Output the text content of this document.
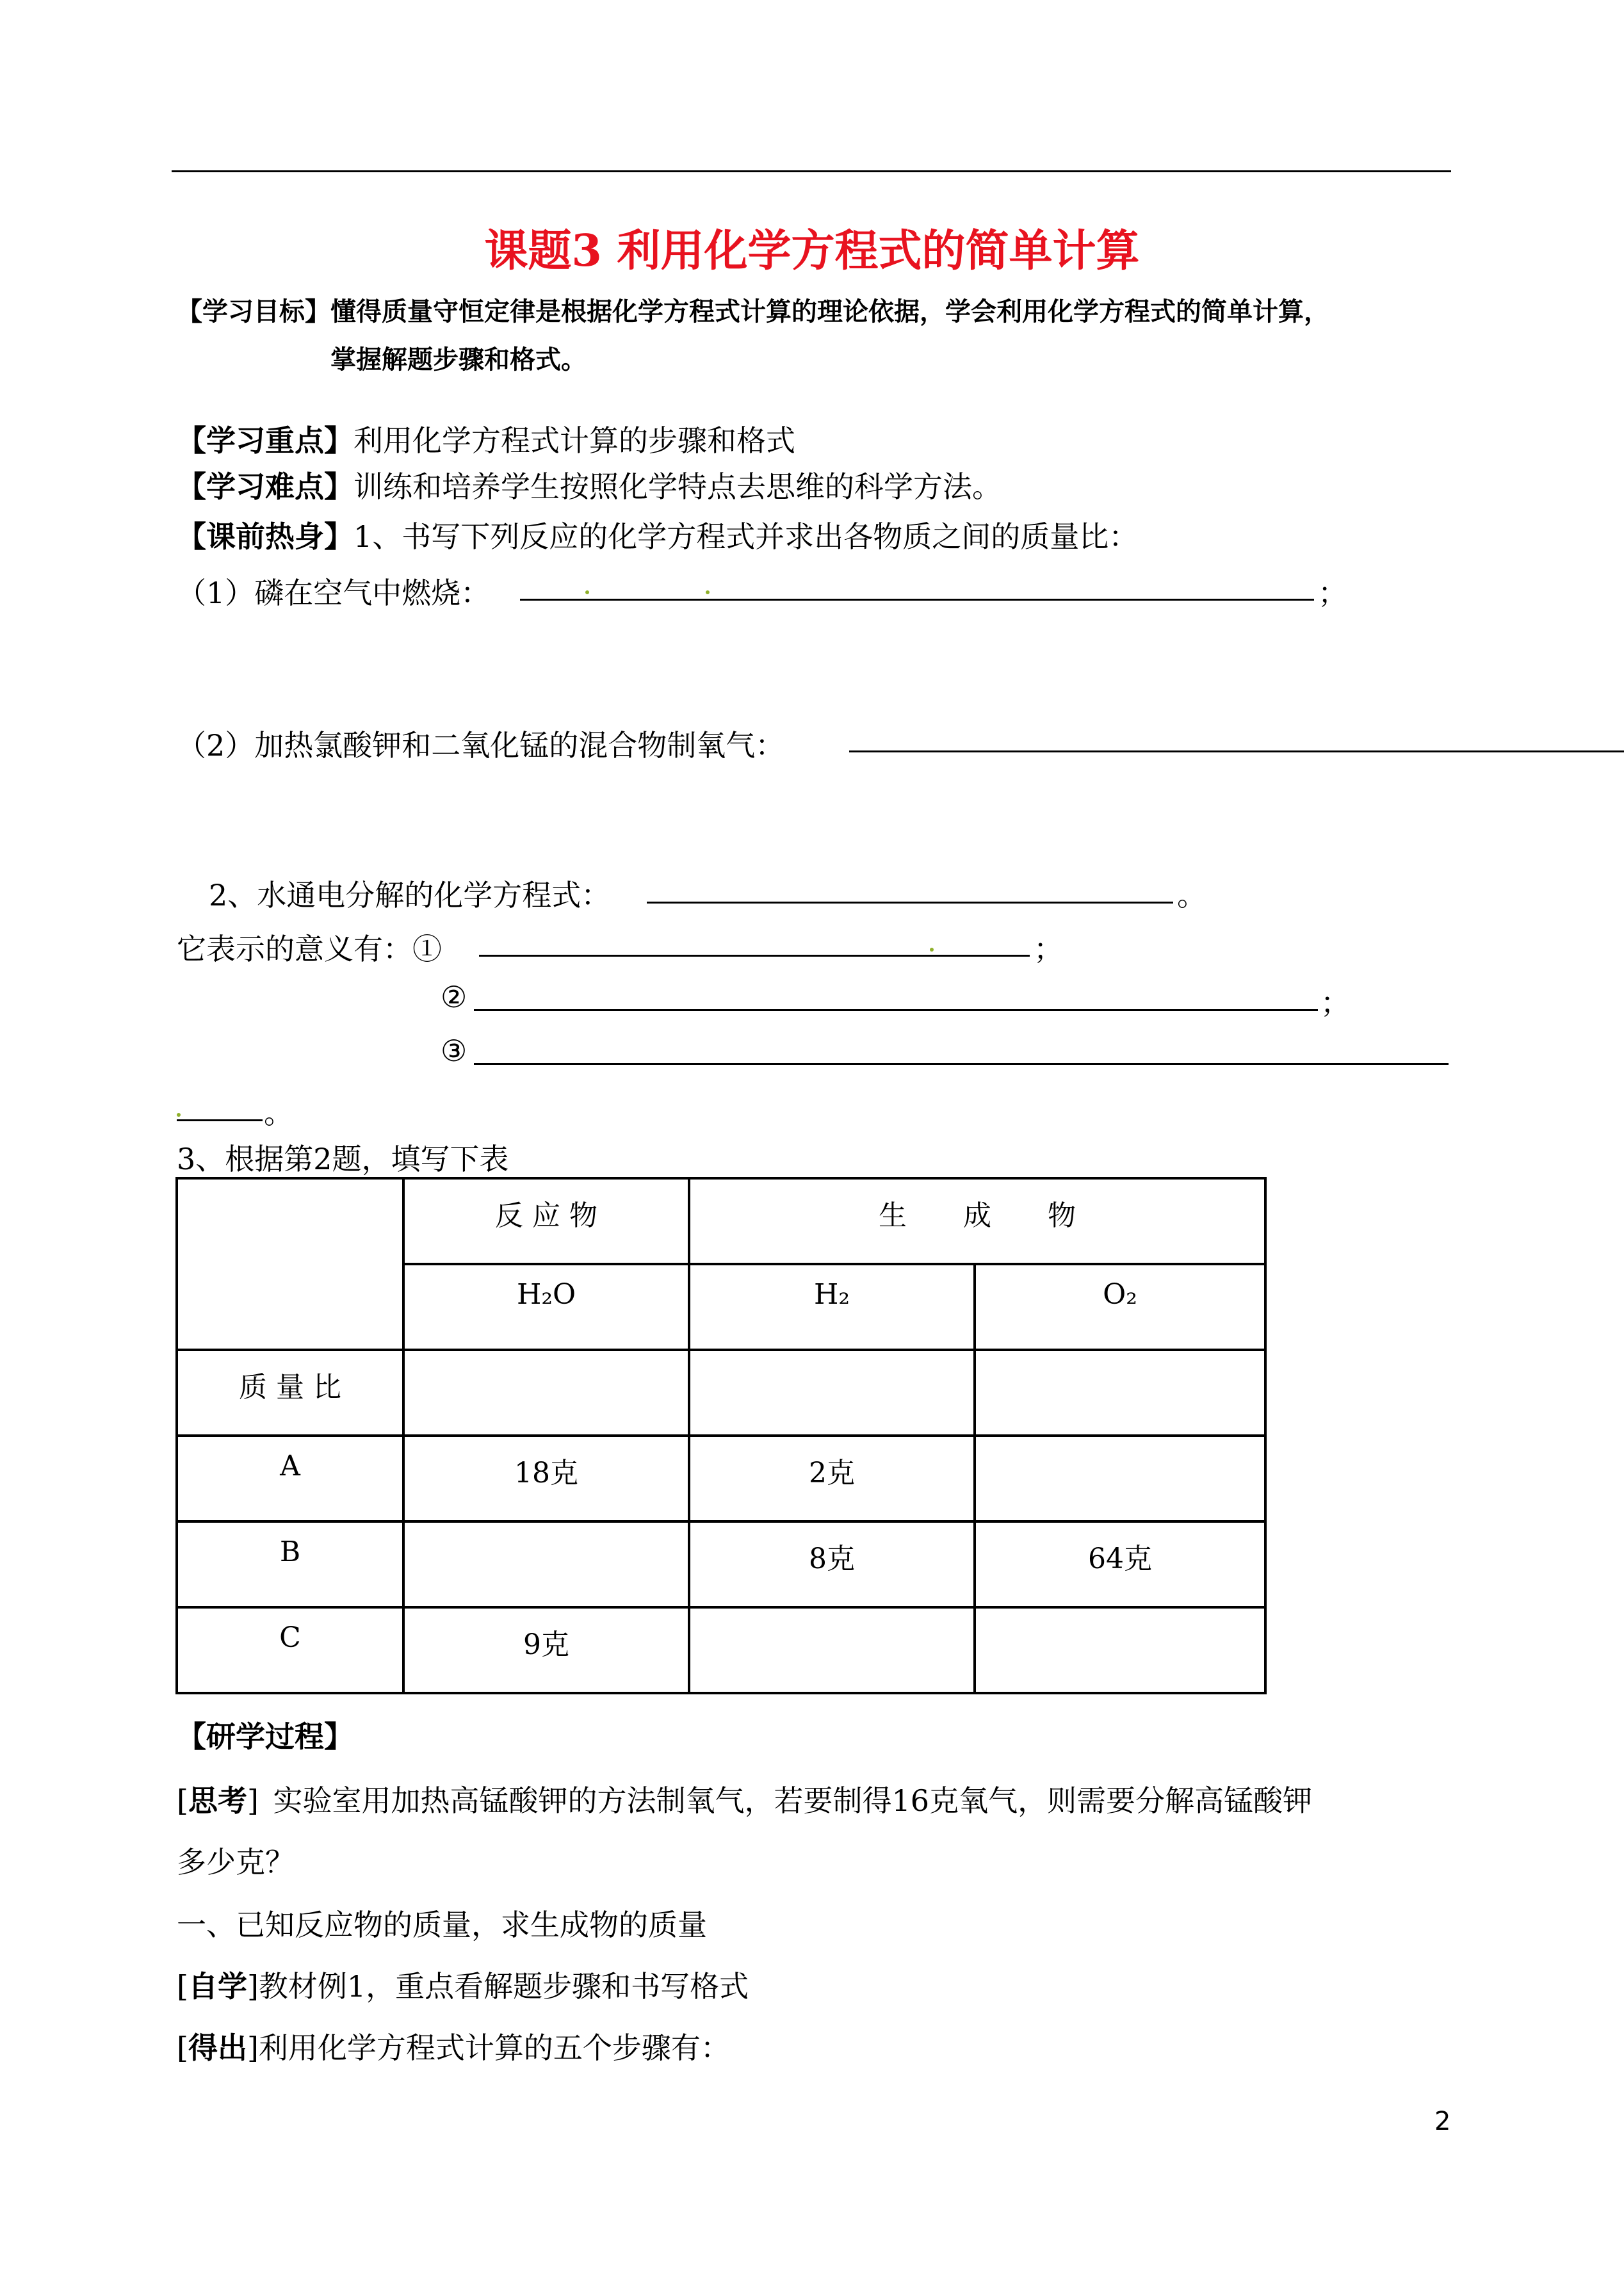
课题3 利用化学方程式的简单计算
【学习目标】懂得质量守恒定律是根据化学方程式计算的理论依据，学会利用化学方程式的简单计算，
掌握解题步骤和格式。
【学习重点】利用化学方程式计算的步骤和格式
【学习难点】训练和培养学生按照化学特点去思维的科学方法。
【课前热身】1、书写下列反应的化学方程式并求出各物质之间的质量比：
（1）磷在空气中燃烧：	；
（2）加热氯酸钾和二氧化锰的混合物制氧气：
2、水通电分解的化学方程式：	。
它表示的意义有：①	；
②	；
③
。
3、根据第2题，填写下表
	反 应 物	生　　成　　物	
	H₂O	H₂	O₂
质 量 比			
A	18克	2克	
B		8克	64克
C	9克		
【研学过程】
[思考] 实验室用加热高锰酸钾的方法制氧气，若要制得16克氧气，则需要分解高锰酸钾
多少克？
一、已知反应物的质量，求生成物的质量
[自学]教材例1，重点看解题步骤和书写格式
[得出]利用化学方程式计算的五个步骤有：
2
